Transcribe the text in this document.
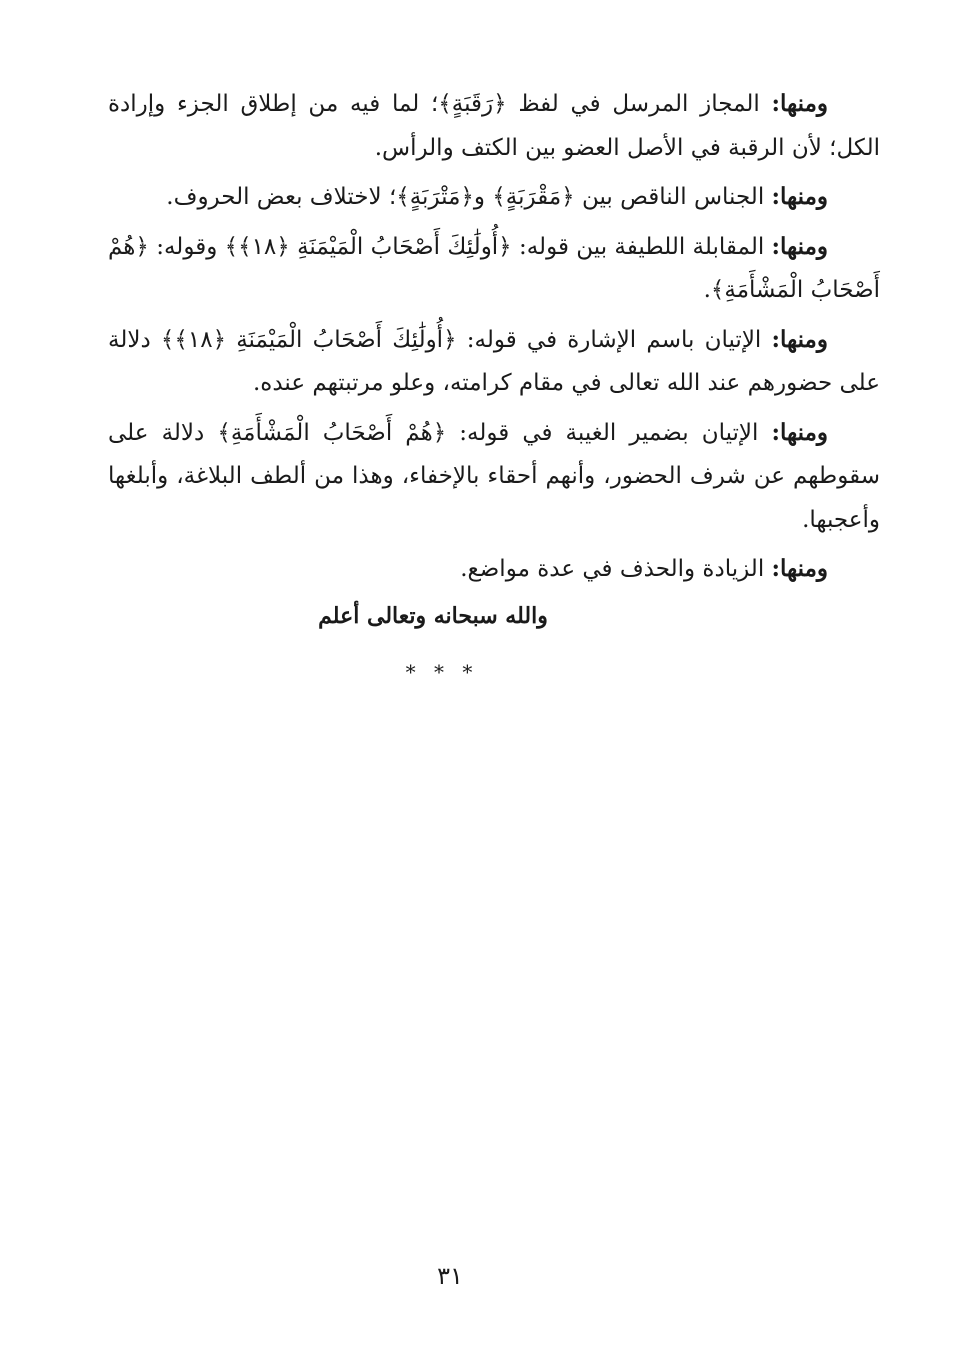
ومنها: المجاز المرسل في لفظ ﴿رَقَبَةٍ﴾؛ لما فيه من إطلاق الجزء وإرادة الكل؛ لأن الرقبة في الأصل العضو بين الكتف والرأس.

ومنها: الجناس الناقص بين ﴿مَقْرَبَةٍ﴾ و﴿مَتْرَبَةٍ﴾؛ لاختلاف بعض الحروف.

ومنها: المقابلة اللطيفة بين قوله: ﴿أُولَٰئِكَ أَصْحَابُ الْمَيْمَنَةِ ﴿١٨﴾﴾ وقوله: ﴿هُمْ أَصْحَابُ الْمَشْأَمَةِ﴾.

ومنها: الإتيان باسم الإشارة في قوله: ﴿أُولَٰئِكَ أَصْحَابُ الْمَيْمَنَةِ ﴿١٨﴾﴾ دلالة على حضورهم عند الله تعالى في مقام كرامته، وعلو مرتبتهم عنده.

ومنها: الإتيان بضمير الغيبة في قوله: ﴿هُمْ أَصْحَابُ الْمَشْأَمَةِ﴾ دلالة على سقوطهم عن شرف الحضور، وأنهم أحقاء بالإخفاء، وهذا من ألطف البلاغة، وأبلغها وأعجبها.

ومنها: الزيادة والحذف في عدة مواضع.

والله سبحانه وتعالى أعلم
* * *
٣١
